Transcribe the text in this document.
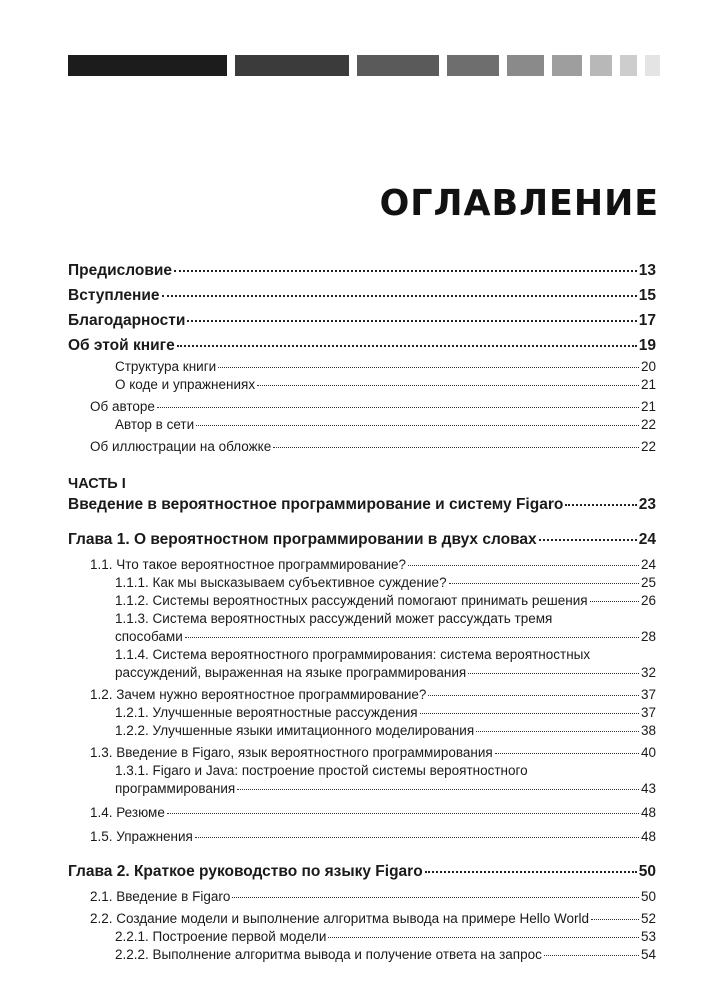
ОГЛАВЛЕНИЕ
Предисловие	13
Вступление	15
Благодарности	17
Об этой книге	19
Структура книги	20
О коде и упражнениях	21
Об авторе	21
Автор в сети	22
Об иллюстрации на обложке	22
ЧАСТЬ I
Введение в вероятностное программирование и систему Figaro	23
Глава 1. О вероятностном программировании в двух словах	24
1.1. Что такое вероятностное программирование?	24
1.1.1. Как мы высказываем субъективное суждение?	25
1.1.2. Системы вероятностных рассуждений помогают принимать решения	26
1.1.3. Система вероятностных рассуждений может рассуждать тремя
способами	28
1.1.4. Система вероятностного программирования: система вероятностных
рассуждений, выраженная на языке программирования	32
1.2. Зачем нужно вероятностное программирование?	37
1.2.1. Улучшенные вероятностные рассуждения	37
1.2.2. Улучшенные языки имитационного моделирования	38
1.3. Введение в Figaro, язык вероятностного программирования	40
1.3.1. Figaro и Java: построение простой системы вероятностного
программирования	43
1.4. Резюме	48
1.5. Упражнения	48
Глава 2. Краткое руководство по языку Figaro	50
2.1. Введение в Figaro	50
2.2. Создание модели и выполнение алгоритма вывода на примере Hello World	52
2.2.1. Построение первой модели	53
2.2.2. Выполнение алгоритма вывода и получение ответа на запрос	54
